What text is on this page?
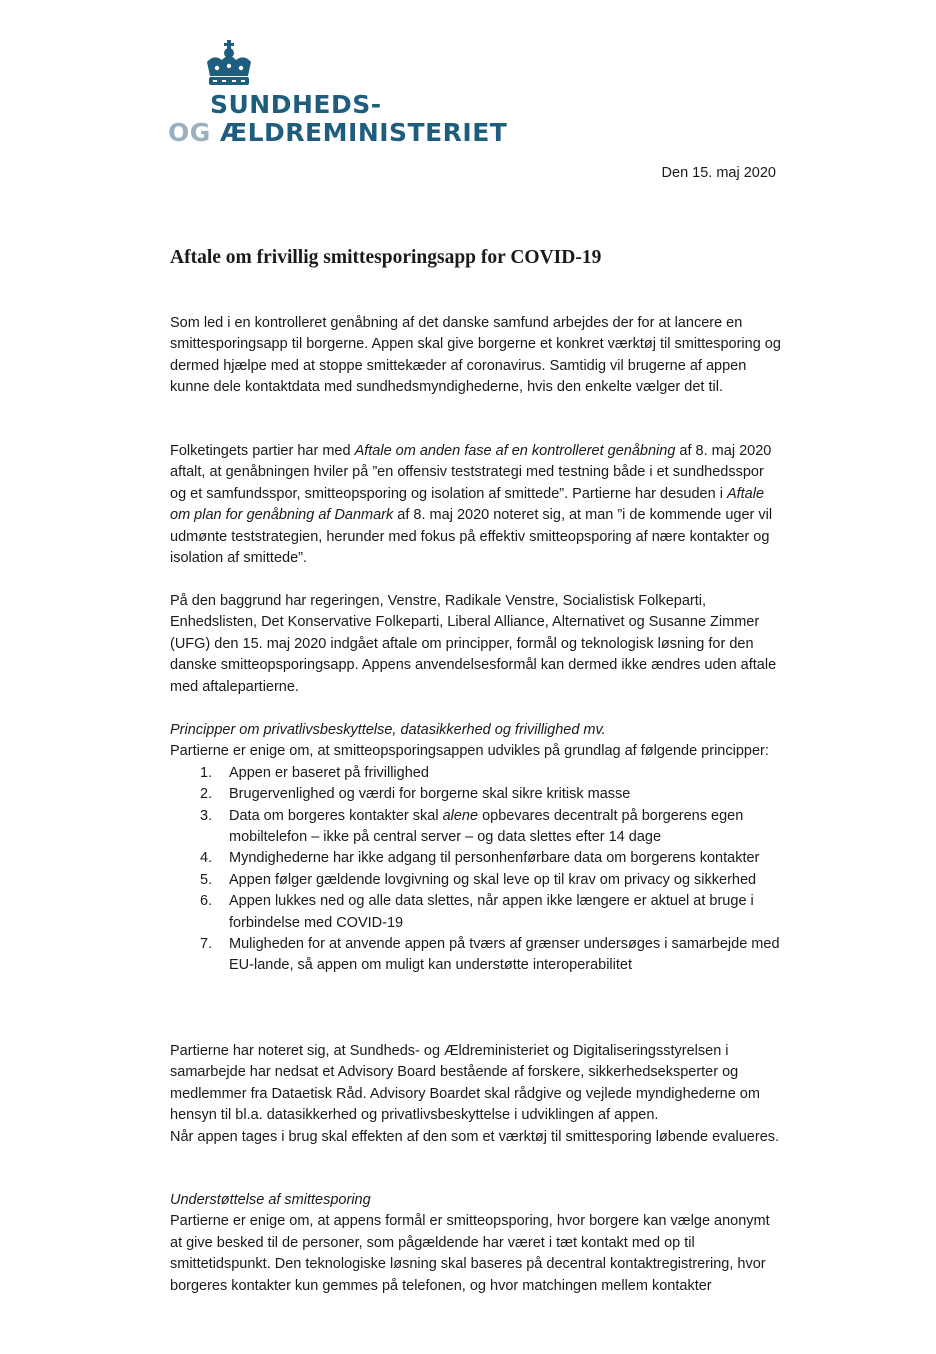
SUNDHEDS-
OG ÆLDREMINISTERIET
Den 15. maj 2020
Aftale om frivillig smittesporingsapp for COVID-19

Som led i en kontrolleret genåbning af det danske samfund arbejdes der for at lancere en smittesporingsapp til borgerne. Appen skal give borgerne et konkret værktøj til smittesporing og dermed hjælpe med at stoppe smittekæder af coronavirus. Samtidig vil brugerne af appen kunne dele kontaktdata med sundhedsmyndighederne, hvis den enkelte vælger det til.

Folketingets partier har med Aftale om anden fase af en kontrolleret genåbning af 8. maj 2020 aftalt, at genåbningen hviler på ”en offensiv teststrategi med testning både i et sundhedsspor og et samfundsspor, smitteopsporing og isolation af smittede”. Partierne har desuden i Aftale om plan for genåbning af Danmark af 8. maj 2020 noteret sig, at man ”i de kommende uger vil udmønte teststrategien, herunder med fokus på effektiv smitteopsporing af nære kontakter og isolation af smittede”.

På den baggrund har regeringen, Venstre, Radikale Venstre, Socialistisk Folkeparti, Enhedslisten, Det Konservative Folkeparti, Liberal Alliance, Alternativet og Susanne Zimmer (UFG) den 15. maj 2020 indgået aftale om principper, formål og teknologisk løsning for den danske smitteopsporingsapp. Appens anvendelsesformål kan dermed ikke ændres uden aftale med aftalepartierne.

Principper om privatlivsbeskyttelse, datasikkerhed og frivillighed mv.
Partierne er enige om, at smitteopsporingsappen udvikles på grundlag af følgende principper:
1.	Appen er baseret på frivillighed
2.	Brugervenlighed og værdi for borgerne skal sikre kritisk masse
3.	Data om borgeres kontakter skal alene opbevares decentralt på borgerens egen mobiltelefon – ikke på central server – og data slettes efter 14 dage
4.	Myndighederne har ikke adgang til personhenførbare data om borgerens kontakter
5.	Appen følger gældende lovgivning og skal leve op til krav om privacy og sikkerhed
6.	Appen lukkes ned og alle data slettes, når appen ikke længere er aktuel at bruge i forbindelse med COVID-19
7.	Muligheden for at anvende appen på tværs af grænser undersøges i samarbejde med EU-lande, så appen om muligt kan understøtte interoperabilitet
Partierne har noteret sig, at Sundheds- og Ældreministeriet og Digitaliseringsstyrelsen i samarbejde har nedsat et Advisory Board bestående af forskere, sikkerhedseksperter og medlemmer fra Dataetisk Råd. Advisory Boardet skal rådgive og vejlede myndighederne om hensyn til bl.a. datasikkerhed og privatlivsbeskyttelse i udviklingen af appen.
Når appen tages i brug skal effekten af den som et værktøj til smittesporing løbende evalueres.
Understøttelse af smittesporing
Partierne er enige om, at appens formål er smitteopsporing, hvor borgere kan vælge anonymt at give besked til de personer, som pågældende har været i tæt kontakt med op til smittetidspunkt. Den teknologiske løsning skal baseres på decentral kontaktregistrering, hvor borgeres kontakter kun gemmes på telefonen, og hvor matchingen mellem kontakter
